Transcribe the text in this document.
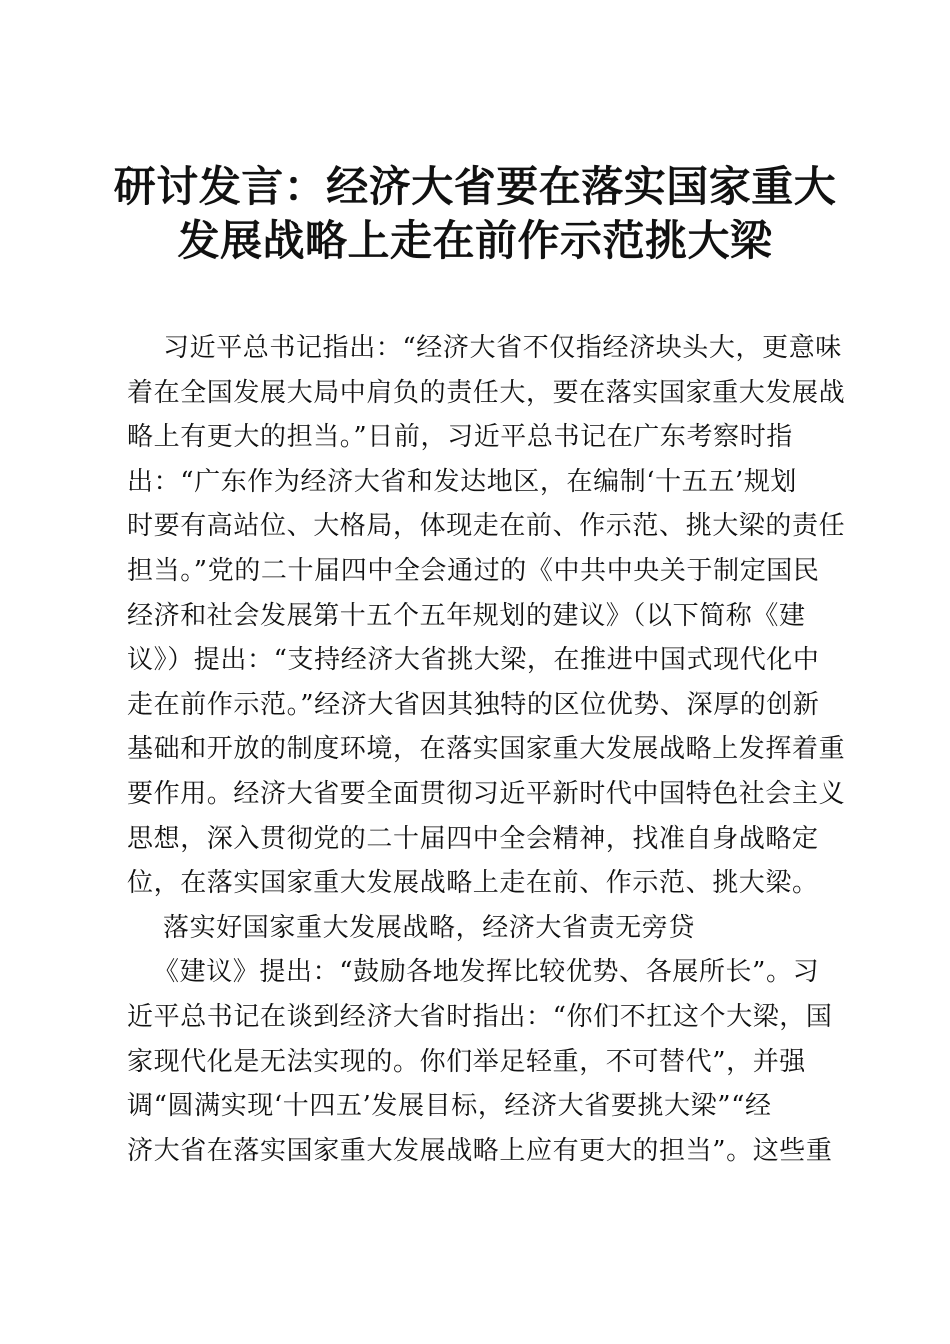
研讨发言：经济大省要在落实国家重大
发展战略上走在前作示范挑大梁
习近平总书记指出：“经济大省不仅指经济块头大，更意味
着在全国发展大局中肩负的责任大，要在落实国家重大发展战
略上有更大的担当。”日前，习近平总书记在广东考察时指
出：“广东作为经济大省和发达地区，在编制‘十五五’规划
时要有高站位、大格局，体现走在前、作示范、挑大梁的责任
担当。”党的二十届四中全会通过的《中共中央关于制定国民
经济和社会发展第十五个五年规划的建议》（以下简称《建
议》）提出：“支持经济大省挑大梁，在推进中国式现代化中
走在前作示范。”经济大省因其独特的区位优势、深厚的创新
基础和开放的制度环境，在落实国家重大发展战略上发挥着重
要作用。经济大省要全面贯彻习近平新时代中国特色社会主义
思想，深入贯彻党的二十届四中全会精神，找准自身战略定
位，在落实国家重大发展战略上走在前、作示范、挑大梁。
落实好国家重大发展战略，经济大省责无旁贷
《建议》提出：“鼓励各地发挥比较优势、各展所长”。习
近平总书记在谈到经济大省时指出：“你们不扛这个大梁，国
家现代化是无法实现的。你们举足轻重，不可替代”，并强
调“圆满实现‘十四五’发展目标，经济大省要挑大梁”“经
济大省在落实国家重大发展战略上应有更大的担当”。这些重
